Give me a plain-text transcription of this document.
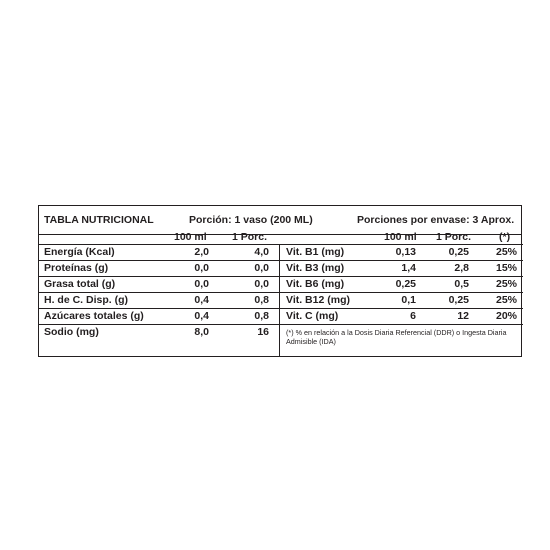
TABLA NUTRICIONAL	Porción: 1 vaso (200 ML)	Porciones por envase: 3 Aprox.
100 ml 1 Porc.	100 ml 1 Porc.	(*)
(*) % en relación a la Dosis Diaria Referencial (DDR) o Ingesta Diaria Admisible (IDA)
Energía (Kcal)	2,0	4,0
Proteínas (g)	0,0	0,0
Grasa total (g)	0,0	0,0
H. de C. Disp. (g)	0,4	0,8
Azúcares totales (g)	0,4	0,8
Sodio (mg)	8,0	16
Vit. B1 (mg)	0,13	0,25	25%
Vit. B3 (mg)	1,4	2,8	15%
Vit. B6 (mg)	0,25	0,5	25%
Vit. B12 (mg)	0,1	0,25	25%
Vit. C (mg)	6	12	20%
